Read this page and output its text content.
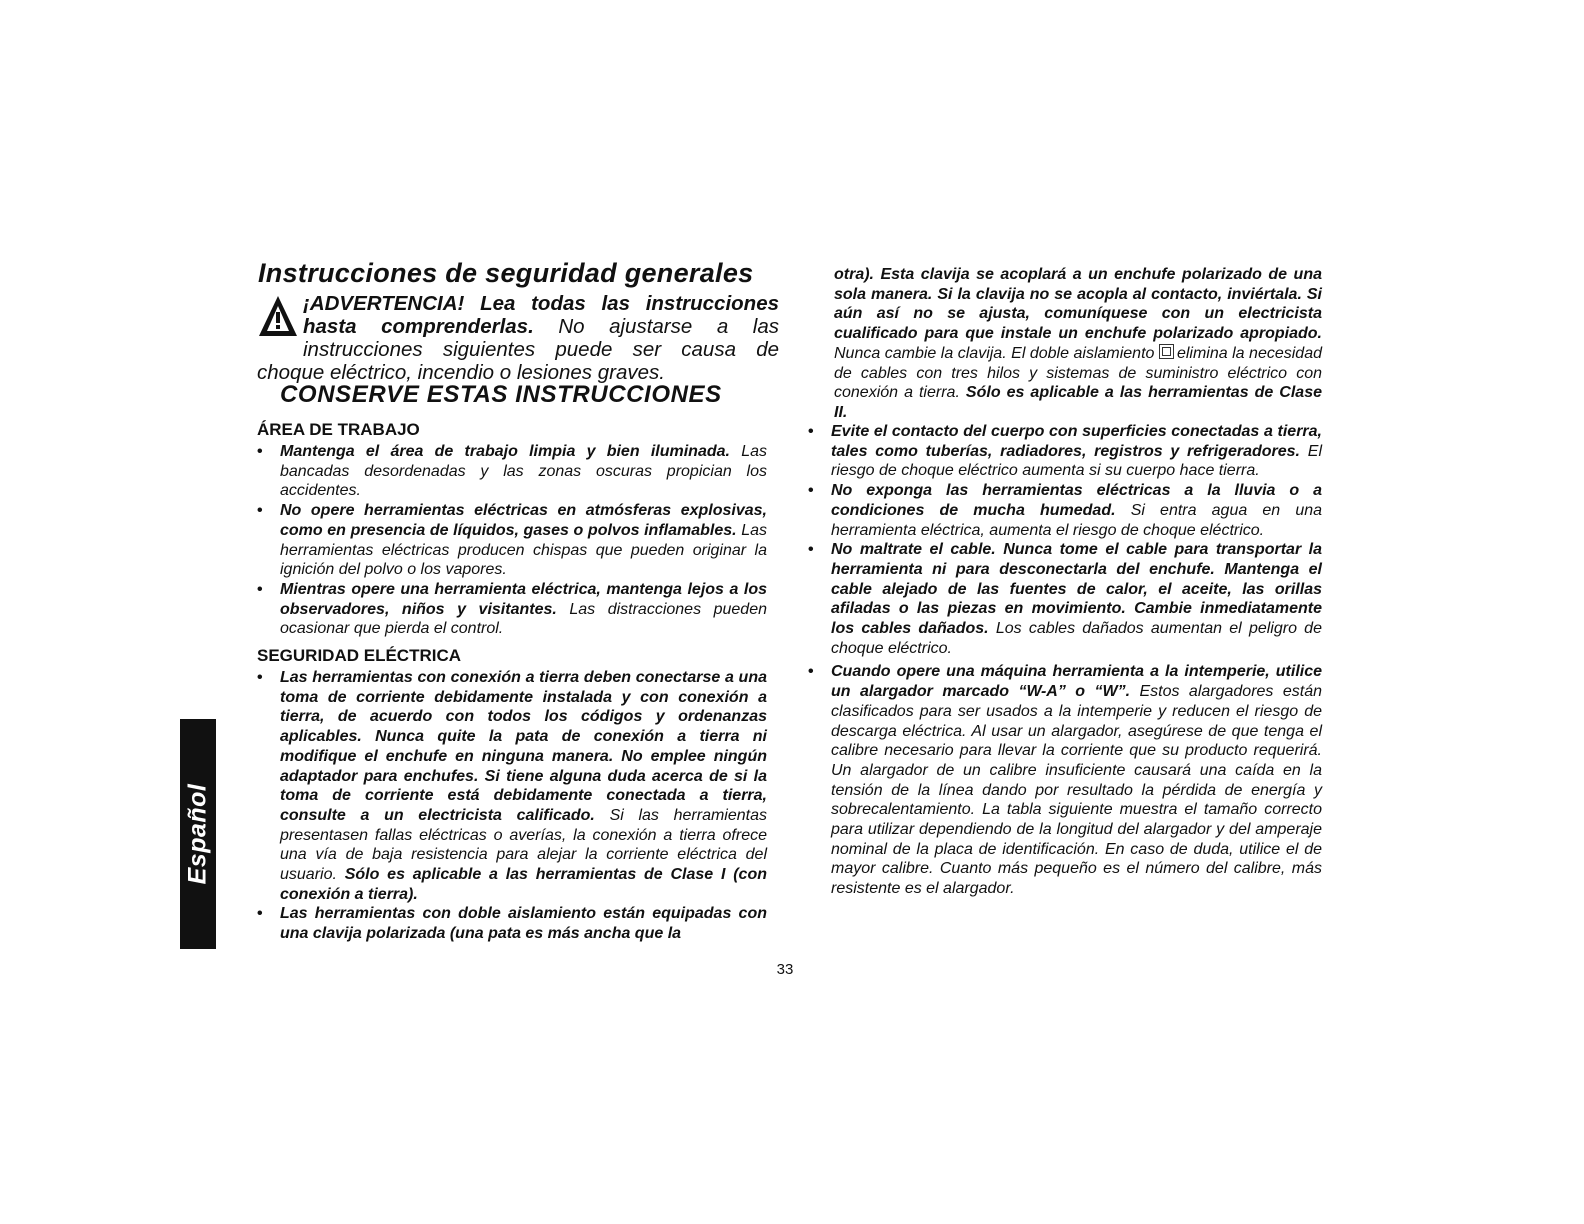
Instrucciones de seguridad generales
¡ADVERTENCIA! Lea todas las instrucciones hasta comprenderlas. No ajustarse a las instrucciones siguientes puede ser causa de choque eléctrico, incendio o lesiones graves.
CONSERVE ESTAS INSTRUCCIONES
ÁREA DE TRABAJO
• Mantenga el área de trabajo limpia y bien iluminada. Las bancadas desordenadas y las zonas oscuras propician los accidentes.
• No opere herramientas eléctricas en atmósferas explosivas, como en presencia de líquidos, gases o polvos inflamables. Las herramientas eléctricas producen chispas que pueden originar la ignición del polvo o los vapores.
• Mientras opere una herramienta eléctrica, mantenga lejos a los observadores, niños y visitantes. Las distracciones pueden ocasionar que pierda el control.
SEGURIDAD ELÉCTRICA
• Las herramientas con conexión a tierra deben conectarse a una toma de corriente debidamente instalada y con conexión a tierra, de acuerdo con todos los códigos y ordenanzas aplicables. Nunca quite la pata de conexión a tierra ni modifique el enchufe en ninguna manera. No emplee ningún adaptador para enchufes. Si tiene alguna duda acerca de si la toma de corriente está debidamente conectada a tierra, consulte a un electricista calificado. Si las herramientas presentasen fallas eléctricas o averías, la conexión a tierra ofrece una vía de baja resistencia para alejar la corriente eléctrica del usuario. Sólo es aplicable a las herramientas de Clase I (con conexión a tierra).
• Las herramientas con doble aislamiento están equipadas con una clavija polarizada (una pata es más ancha que la
otra). Esta clavija se acoplará a un enchufe polarizado de una sola manera. Si la clavija no se acopla al contacto, inviértala. Si aún así no se ajusta, comuníquese con un electricista cualificado para que instale un enchufe polarizado apropiado. Nunca cambie la clavija. El doble aislamiento elimina la necesidad de cables con tres hilos y sistemas de suministro eléctrico con conexión a tierra. Sólo es aplicable a las herramientas de Clase II.
• Evite el contacto del cuerpo con superficies conectadas a tierra, tales como tuberías, radiadores, registros y refrigeradores. El riesgo de choque eléctrico aumenta si su cuerpo hace tierra.
• No exponga las herramientas eléctricas a la lluvia o a condiciones de mucha humedad. Si entra agua en una herramienta eléctrica, aumenta el riesgo de choque eléctrico.
• No maltrate el cable. Nunca tome el cable para transportar la herramienta ni para desconectarla del enchufe. Mantenga el cable alejado de las fuentes de calor, el aceite, las orillas afiladas o las piezas en movimiento. Cambie inmediatamente los cables dañados. Los cables dañados aumentan el peligro de choque eléctrico.
• Cuando opere una máquina herramienta a la intemperie, utilice un alargador marcado “W-A” o “W”. Estos alargadores están clasificados para ser usados a la intemperie y reducen el riesgo de descarga eléctrica. Al usar un alargador, asegúrese de que tenga el calibre necesario para llevar la corriente que su producto requerirá. Un alargador de un calibre insuficiente causará una caída en la tensión de la línea dando por resultado la pérdida de energía y sobrecalentamiento. La tabla siguiente muestra el tamaño correcto para utilizar dependiendo de la longitud del alargador y del amperaje nominal de la placa de identificación. En caso de duda, utilice el de mayor calibre. Cuanto más pequeño es el número del calibre, más resistente es el alargador.
Español
33
